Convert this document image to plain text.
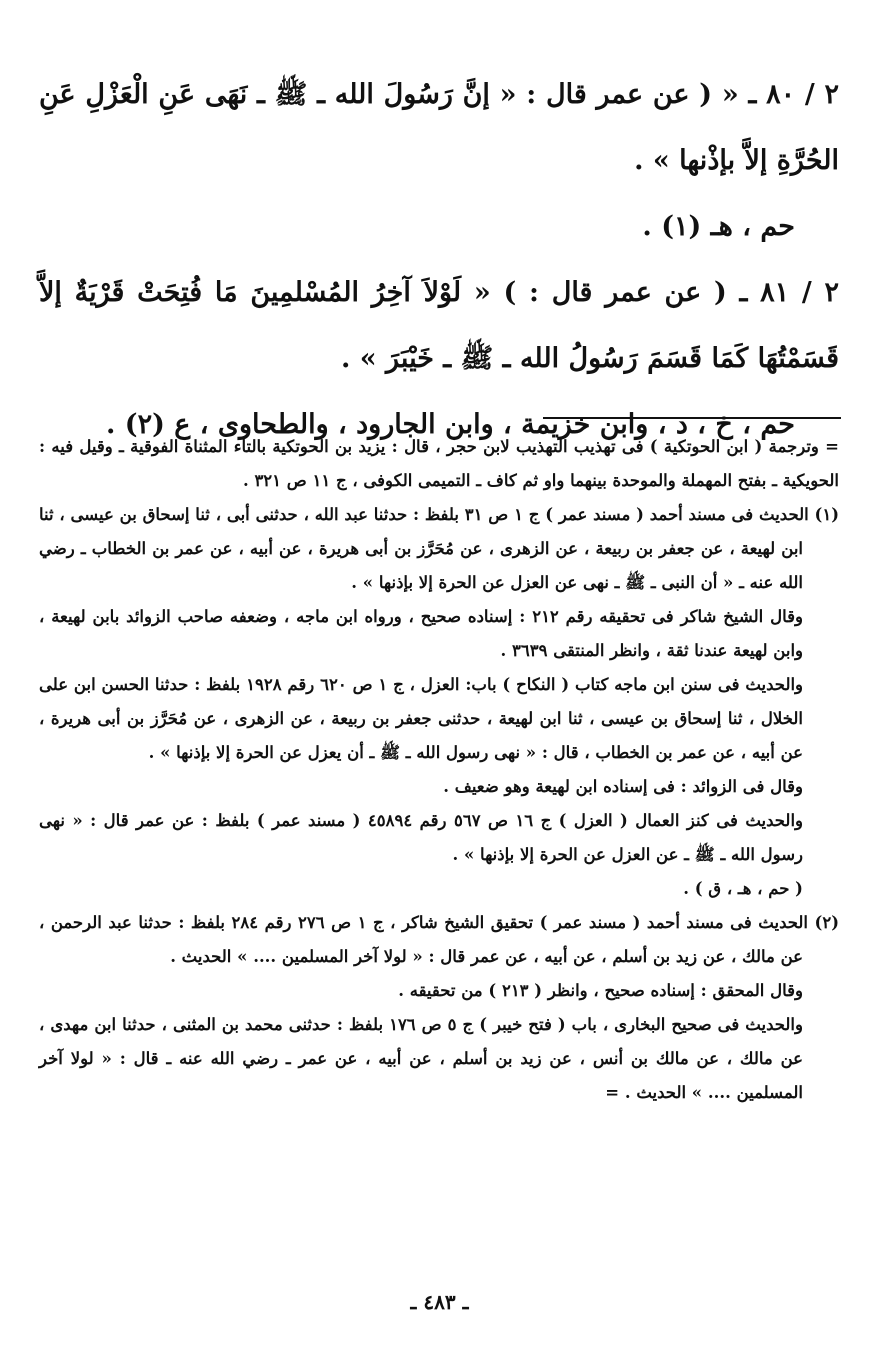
٢ / ٨٠ ـ « ( عن عمر قال : « إنَّ رَسُولَ الله ـ ﷺ ـ نَهَى عَنِ الْعَزْلِ عَنِ الحُرَّةِ إلاَّ بإذْنها » .

حم ، هـ (١) .

٢ / ٨١ ـ ( عن عمر قال : ) « لَوْلاَ آخِرُ المُسْلمِينَ مَا فُتِحَتْ قَرْيَةٌ إلاَّ قَسَمْتُهَا كَمَا قَسَمَ رَسُولُ الله ـ ﷺ ـ خَيْبَرَ » .

حم ، خ ، د ، وابن خزيمة ، وابن الجارود ، والطحاوى ، ع (٢) .

= وترجمة ( ابن الحوتكية ) فى تهذيب التهذيب لابن حجر ، قال : يزيد بن الحوتكية بالتاء المثناة الفوقية ـ وقيل فيه : الحويكية ـ بفتح المهملة والموحدة بينهما واو ثم كاف ـ التميمى الكوفى ، ج ١١ ص ٣٢١ .

(١) الحديث فى مسند أحمد ( مسند عمر ) ج ١ ص ٣١ بلفظ : حدثنا عبد الله ، حدثنى أبى ، ثنا إسحاق بن عيسى ، ثنا ابن لهيعة ، عن جعفر بن ربيعة ، عن الزهرى ، عن مُحَرَّز بن أبى هريرة ، عن أبيه ، عن عمر بن الخطاب ـ رضي الله عنه ـ « أن النبى ـ ﷺ ـ نهى عن العزل عن الحرة إلا بإذنها » .

وقال الشيخ شاكر فى تحقيقه رقم ٢١٢ : إسناده صحيح ، ورواه ابن ماجه ، وضعفه صاحب الزوائد بابن لهيعة ، وابن لهيعة عندنا ثقة ، وانظر المنتقى ٣٦٣٩ .

والحديث فى سنن ابن ماجه كتاب ( النكاح ) باب: العزل ، ج ١ ص ٦٢٠ رقم ١٩٢٨ بلفظ : حدثنا الحسن ابن على الخلال ، ثنا إسحاق بن عيسى ، ثنا ابن لهيعة ، حدثنى جعفر بن ربيعة ، عن الزهرى ، عن مُحَرَّز بن أبى هريرة ، عن أبيه ، عن عمر بن الخطاب ، قال : « نهى رسول الله ـ ﷺ ـ أن يعزل عن الحرة إلا بإذنها » .

وقال فى الزوائد : فى إسناده ابن لهيعة وهو ضعيف .

والحديث فى كنز العمال ( العزل ) ج ١٦ ص ٥٦٧ رقم ٤٥٨٩٤ ( مسند عمر ) بلفظ : عن عمر قال : « نهى رسول الله ـ ﷺ ـ عن العزل عن الحرة إلا بإذنها » .

( حم ، هـ ، ق ) .

(٢) الحديث فى مسند أحمد ( مسند عمر ) تحقيق الشيخ شاكر ، ج ١ ص ٢٧٦ رقم ٢٨٤ بلفظ : حدثنا عبد الرحمن ، عن مالك ، عن زيد بن أسلم ، عن أبيه ، عن عمر قال : « لولا آخر المسلمين .... » الحديث .

وقال المحقق : إسناده صحيح ، وانظر ( ٢١٣ ) من تحقيقه .

والحديث فى صحيح البخارى ، باب ( فتح خيبر ) ج ٥ ص ١٧٦ بلفظ : حدثنى محمد بن المثنى ، حدثنا ابن مهدى ، عن مالك ، عن مالك بن أنس ، عن زيد بن أسلم ، عن أبيه ، عن عمر ـ رضي الله عنه ـ قال : « لولا آخر المسلمين .... » الحديث . =

ـ ٤٨٣ ـ
